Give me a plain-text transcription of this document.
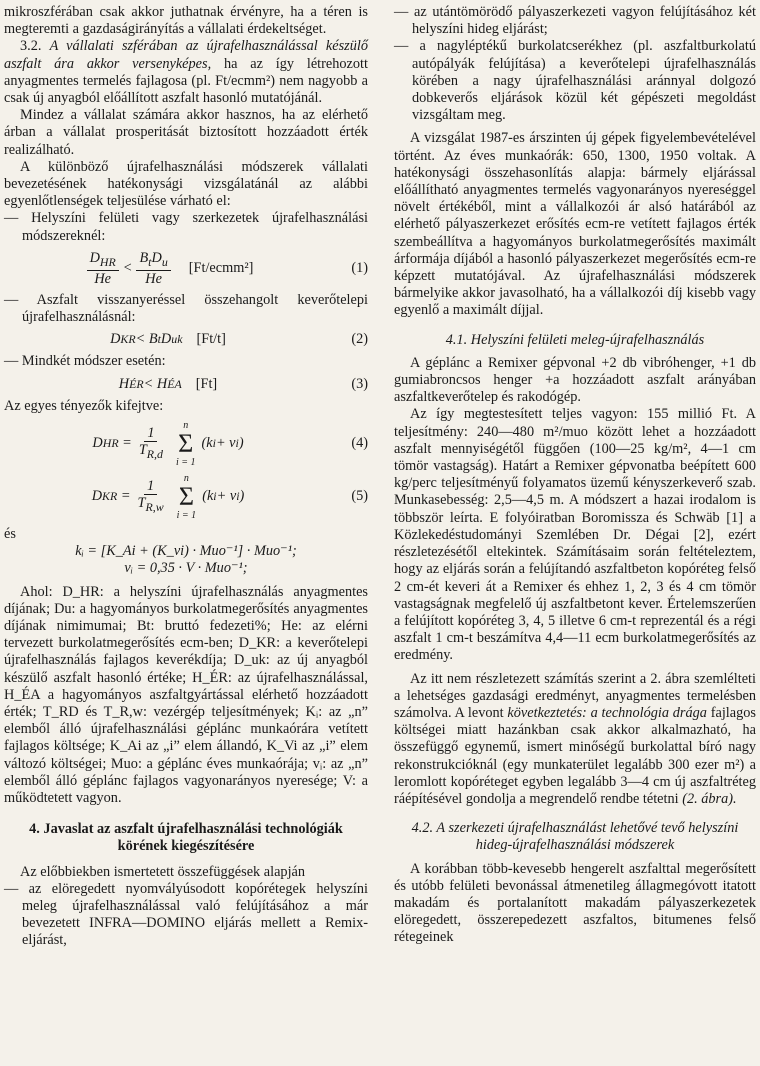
mikroszférában csak akkor juthatnak érvényre, ha a téren is megteremti a gazdaságirányítás a vállalati érdekeltséget.

3.2. A vállalati szférában az újrafelhasználással készülő aszfalt ára akkor versenyképes, ha az így létrehozott anyagmentes termelés fajlagosa (pl. Ft/ecmm²) nem nagyobb a csak új anyagból előállított aszfalt hasonló mutatójánál.

Mindez a vállalat számára akkor hasznos, ha az elérhető árban a vállalat prosperitását biztosított hozzáadott érték realizálható.

A különböző újrafelhasználási módszerek vállalati bevezetésének hatékonysági vizsgálatánál az alábbi egyenlőtlenségek teljesülése várható el:

— Helyszíni felületi vagy szerkezetek újrafelhasználási módszereknél:

$\frac{D_{HR}}{He} < \frac{B_tD_u}{He}$ [Ft/ecmm²]	(1)

— Aszfalt visszanyeréssel összehangolt keverőtelepi újrafelhasználásnál:

D KR < B t D uk [Ft/t]	(2)

— Mindkét módszer esetén:

H ÉR < H ÉA [Ft]	(3)

Az egyes tényezők kifejtve:

D HR = $\frac{1}{T_{R,d}}$
n
Σ
i = 1
(k i + v i )	(4)
D KR = $\frac{1}{T_{R,w}}$
n
Σ
i = 1
(k i + v i )	(5)

és

kᵢ = [K_Ai + (K_vi) · Muo⁻¹] · Muo⁻¹;

vᵢ = 0,35 · V · Muo⁻¹;

Ahol: D_HR: a helyszíni újrafelhasználás anyagmentes díjának; Du: a hagyományos burkolatmegerősítés anyagmentes díjának nimimumai; Bt: bruttó fedezeti%; He: az elérni tervezett burkolatmegerősítés ecm-ben; D_KR: a keverőtelepi újrafelhasználás fajlagos keverékdíja; D_uk: az új anyagból készülő aszfalt hasonló értéke; H_ÉR: az újrafelhasználással, H_ÉA a hagyományos aszfaltgyártással elérhető hozzáadott érték; T_RD és T_R,w: vezérgép teljesítmények; Kᵢ: az „n” elemből álló újrafelhasználási géplánc munkaórára vetített fajlagos költsége; K_Ai az „i” elem állandó, K_Vi az „i” elem változó költségei; Muo: a géplánc éves munkaórája; vᵢ: az „n” elemből álló géplánc fajlagos vagyonarányos nyeresége; V: a működtetett vagyon.

4. Javaslat az aszfalt újrafelhasználási technológiák körének kiegészítésére

Az előbbiekben ismertetett összefüggések alapján

— az elöregedett nyomvályúsodott kopórétegek helyszíni meleg újrafelhasználással való felújításához a már bevezetett INFRA—DOMINO eljárás mellett a Remix-eljárást,

— az utántömörödő pályaszerkezeti vagyon felújításához két helyszíni hideg eljárást;

— a nagyléptékű burkolatcserékhez (pl. aszfaltburkolatú autópályák felújítása) a keverőtelepi újrafelhasználás körében a nagy újrafelhasználási aránnyal dolgozó dobkeverős eljárások közül két gépészeti megoldást vizsgáltam meg.

A vizsgálat 1987-es árszinten új gépek figyelembevételével történt. Az éves munkaórák: 650, 1300, 1950 voltak. A hatékonysági összehasonlítás alapja: bármely eljárással előállítható anyagmentes termelés vagyonarányos nyereséggel növelt értékéből, mint a vállalkozói ár alsó határából az elérhető pályaszerkezet erősítés ecm-re vetített fajlagos érték szembeállítva a hagyományos burkolatmegerősítés maximált árformája díjából a hasonló pályaszerkezet megerősítés ecm-re képzett mutatójával. Az újrafelhasználási módszerek bármelyike akkor javasolható, ha a vállalkozói díj kisebb vagy egyenlő a maximált díjjal.

4.1. Helyszíni felületi meleg-újrafelhasználás

A géplánc a Remixer gépvonal +2 db vibróhenger, +1 db gumiabroncsos henger +a hozzáadott aszfalt arányában aszfaltkeverőtelep és rakodógép.

Az így megtestesített teljes vagyon: 155 millió Ft. A teljesítmény: 240—480 m²/muo között lehet a hozzáadott aszfalt mennyiségétől függően (100—25 kg/m², 4—1 cm tömör vastagság). Határt a Remixer gépvonatba beépített 600 kg/perc teljesítményű folyamatos üzemű kényszerkeverő szab. Munkasebesség: 2,5—4,5 m. A módszert a hazai irodalom is többször leírta. E folyóiratban Boromissza és Schwäb [1] a Közlekedéstudományi Szemlében Dr. Dégai [2], ezért részletezésétől eltekintek. Számításaim során feltételeztem, hogy az eljárás során a felújítandó aszfaltbeton kopóréteg felső 2 cm-ét keveri át a Remixer és ehhez 1, 2, 3 és 4 cm tömör vastagságnak megfelelő új aszfaltbetont kever. Értelemszerűen a felújított kopóréteg 3, 4, 5 illetve 6 cm-t reprezentál és a régi aszfalt 1 cm-t beszámítva 4,4—11 ecm burkolatmegerősítés az eredmény.

Az itt nem részletezett számítás szerint a 2. ábra szemlélteti a lehetséges gazdasági eredményt, anyagmentes termelésben számolva. A levont következtetés: a technológia drága fajlagos költségei miatt hazánkban csak akkor alkalmazható, ha összefüggő egynemű, ismert minőségű burkolattal bíró nagy rekonstrukcióknál (egy munkaterület legalább 300 ezer m²) a leromlott kopóréteget egyben legalább 3—4 cm új aszfaltréteg ráépítésével gondolja a megrendelő rendbe tétetni (2. ábra).

4.2. A szerkezeti újrafelhasználást lehetővé tevő helyszíni hideg-újrafelhasználási módszerek

A korábban több-kevesebb hengerelt aszfalttal megerősített és utóbb felületi bevonással átmenetileg állagmegóvott itatott makadám és portalanított makadám pályaszerkezetek elöregedett, összerepedezett aszfaltos, bitumenes felső rétegeinek
